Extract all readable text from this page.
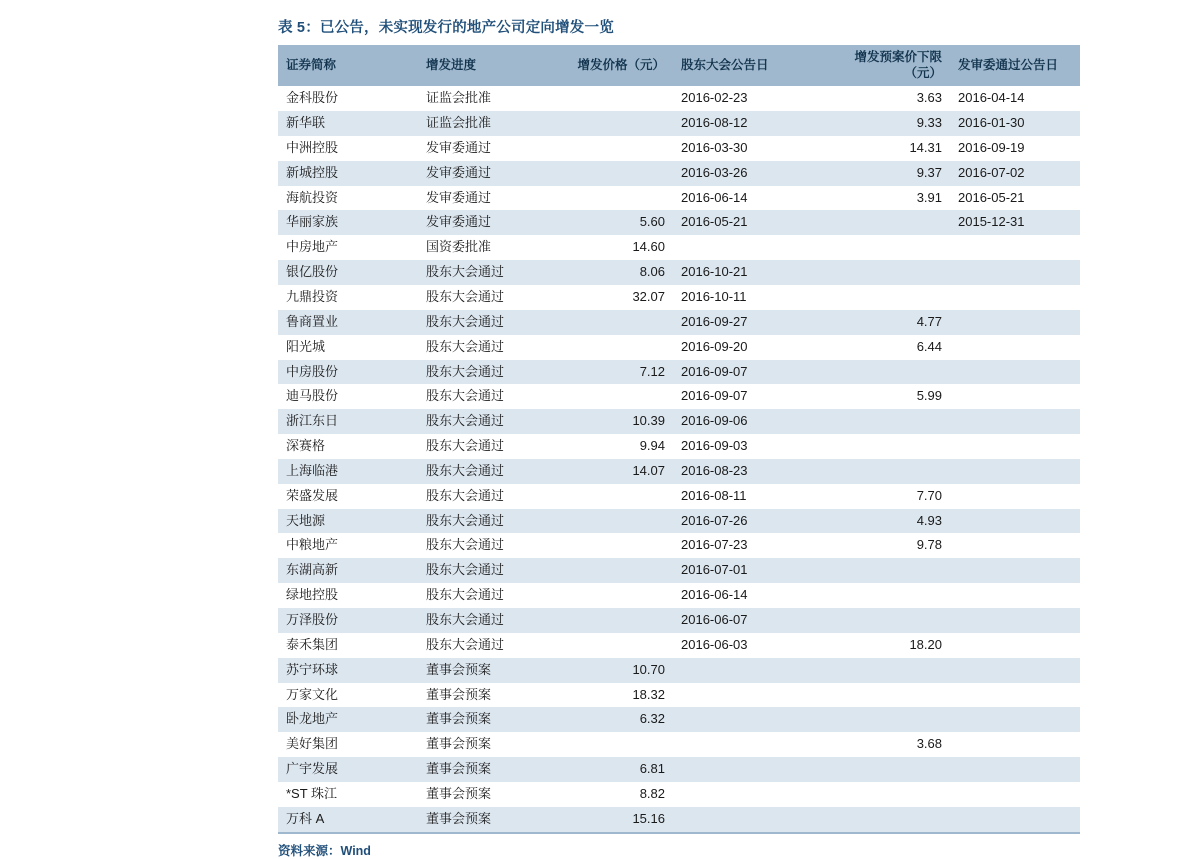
表 5：已公告，未实现发行的地产公司定向增发一览
证券简称	增发进度	增发价格（元）	股东大会公告日	增发预案价下限（元）	发审委通过公告日
金科股份	证监会批准		2016-02-23	3.63	2016-04-14
新华联	证监会批准		2016-08-12	9.33	2016-01-30
中洲控股	发审委通过		2016-03-30	14.31	2016-09-19
新城控股	发审委通过		2016-03-26	9.37	2016-07-02
海航投资	发审委通过		2016-06-14	3.91	2016-05-21
华丽家族	发审委通过	5.60	2016-05-21		2015-12-31
中房地产	国资委批准	14.60			
银亿股份	股东大会通过	8.06	2016-10-21		
九鼎投资	股东大会通过	32.07	2016-10-11		
鲁商置业	股东大会通过		2016-09-27	4.77	
阳光城	股东大会通过		2016-09-20	6.44	
中房股份	股东大会通过	7.12	2016-09-07		
迪马股份	股东大会通过		2016-09-07	5.99	
浙江东日	股东大会通过	10.39	2016-09-06		
深赛格	股东大会通过	9.94	2016-09-03		
上海临港	股东大会通过	14.07	2016-08-23		
荣盛发展	股东大会通过		2016-08-11	7.70	
天地源	股东大会通过		2016-07-26	4.93	
中粮地产	股东大会通过		2016-07-23	9.78	
东湖高新	股东大会通过		2016-07-01		
绿地控股	股东大会通过		2016-06-14		
万泽股份	股东大会通过		2016-06-07		
泰禾集团	股东大会通过		2016-06-03	18.20	
苏宁环球	董事会预案	10.70			
万家文化	董事会预案	18.32			
卧龙地产	董事会预案	6.32			
美好集团	董事会预案			3.68	
广宇发展	董事会预案	6.81			
*ST 珠江	董事会预案	8.82			
万科 A	董事会预案	15.16			
资料来源：Wind
